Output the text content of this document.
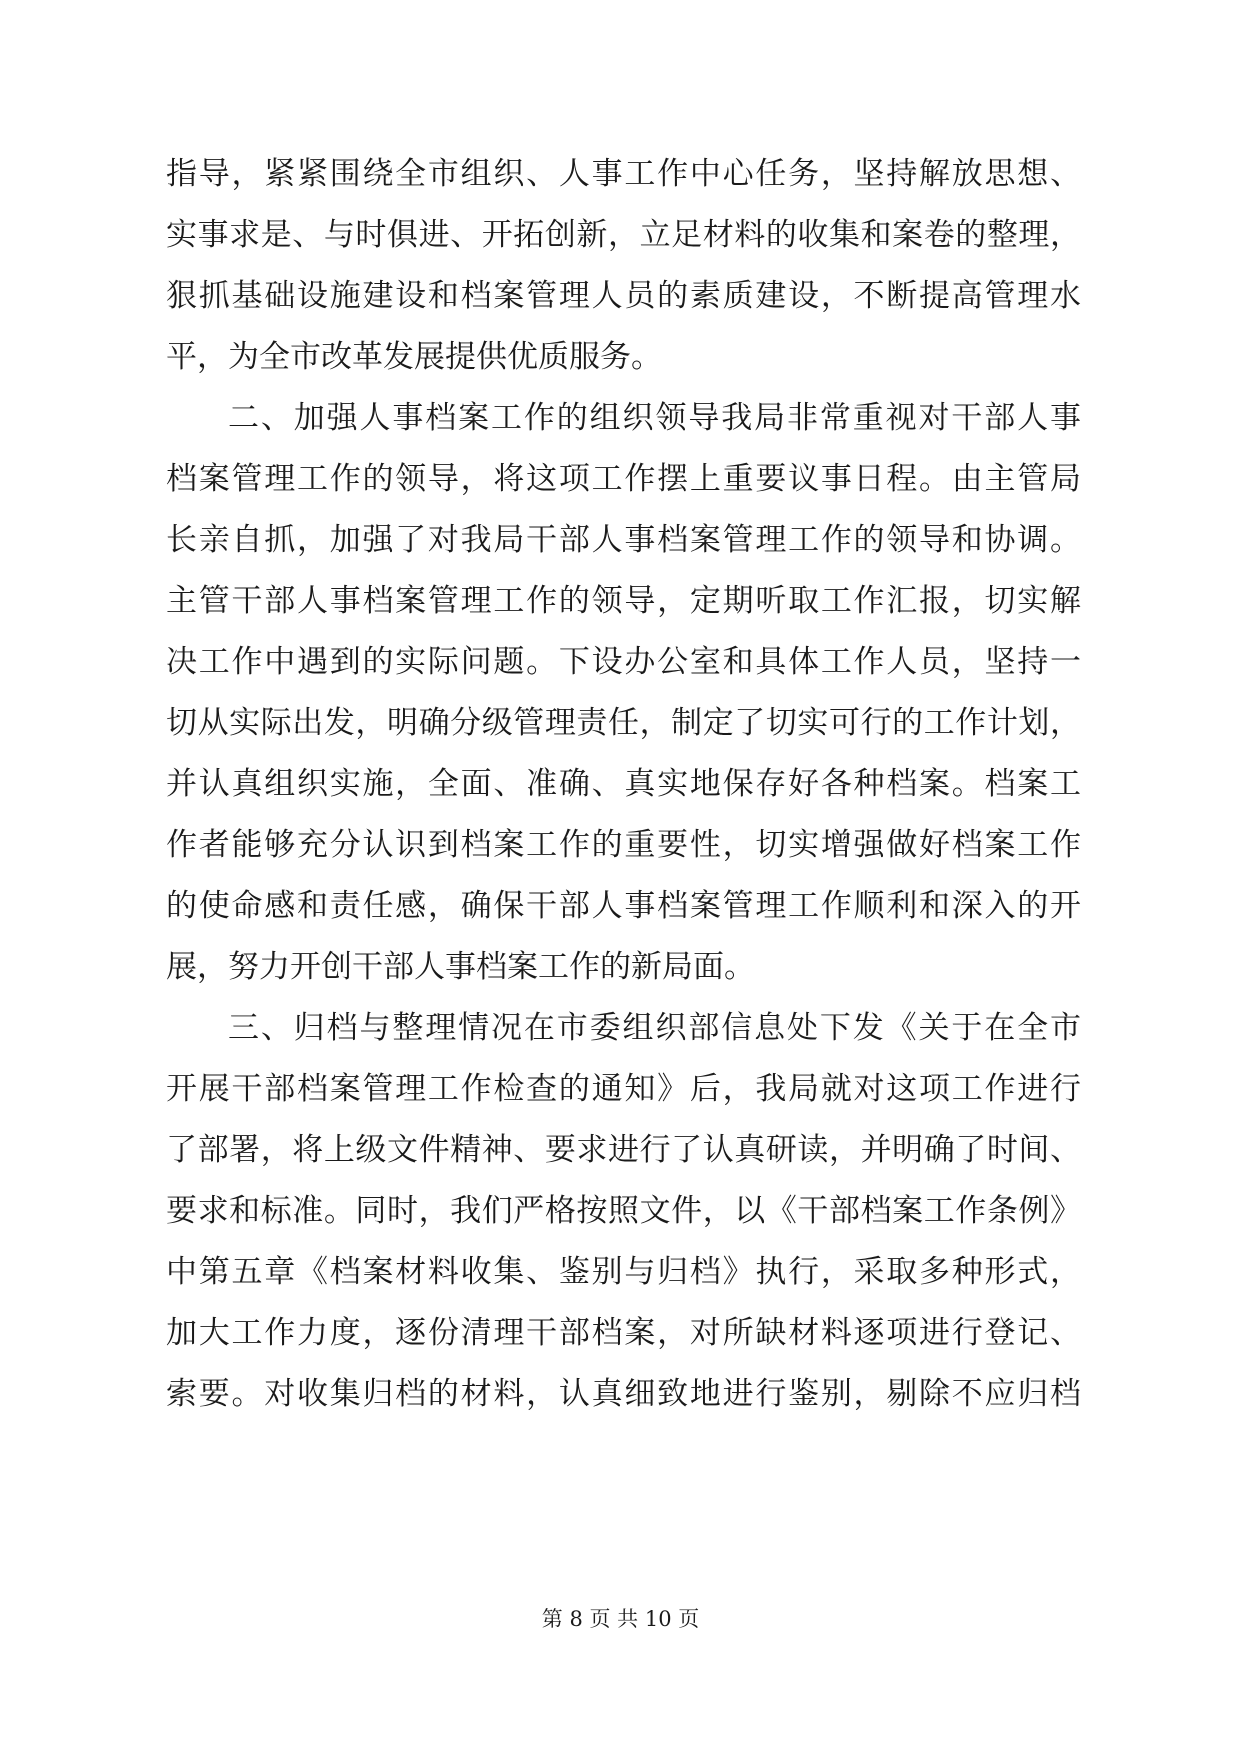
指导，紧紧围绕全市组织、人事工作中心任务，坚持解放思想、
实事求是、与时俱进、开拓创新，立足材料的收集和案卷的整理，
狠抓基础设施建设和档案管理人员的素质建设，不断提高管理水
平，为全市改革发展提供优质服务。
二、加强人事档案工作的组织领导我局非常重视对干部人事
档案管理工作的领导，将这项工作摆上重要议事日程。由主管局
长亲自抓，加强了对我局干部人事档案管理工作的领导和协调。
主管干部人事档案管理工作的领导，定期听取工作汇报，切实解
决工作中遇到的实际问题。下设办公室和具体工作人员，坚持一
切从实际出发，明确分级管理责任，制定了切实可行的工作计划，
并认真组织实施，全面、准确、真实地保存好各种档案。档案工
作者能够充分认识到档案工作的重要性，切实增强做好档案工作
的使命感和责任感，确保干部人事档案管理工作顺利和深入的开
展，努力开创干部人事档案工作的新局面。
三、归档与整理情况在市委组织部信息处下发《关于在全市
开展干部档案管理工作检查的通知》后，我局就对这项工作进行
了部署，将上级文件精神、要求进行了认真研读，并明确了时间、
要求和标准。同时，我们严格按照文件，以《干部档案工作条例》
中第五章《档案材料收集、鉴别与归档》执行，采取多种形式，
加大工作力度，逐份清理干部档案，对所缺材料逐项进行登记、
索要。对收集归档的材料，认真细致地进行鉴别，剔除不应归档
第 8 页 共 10 页
